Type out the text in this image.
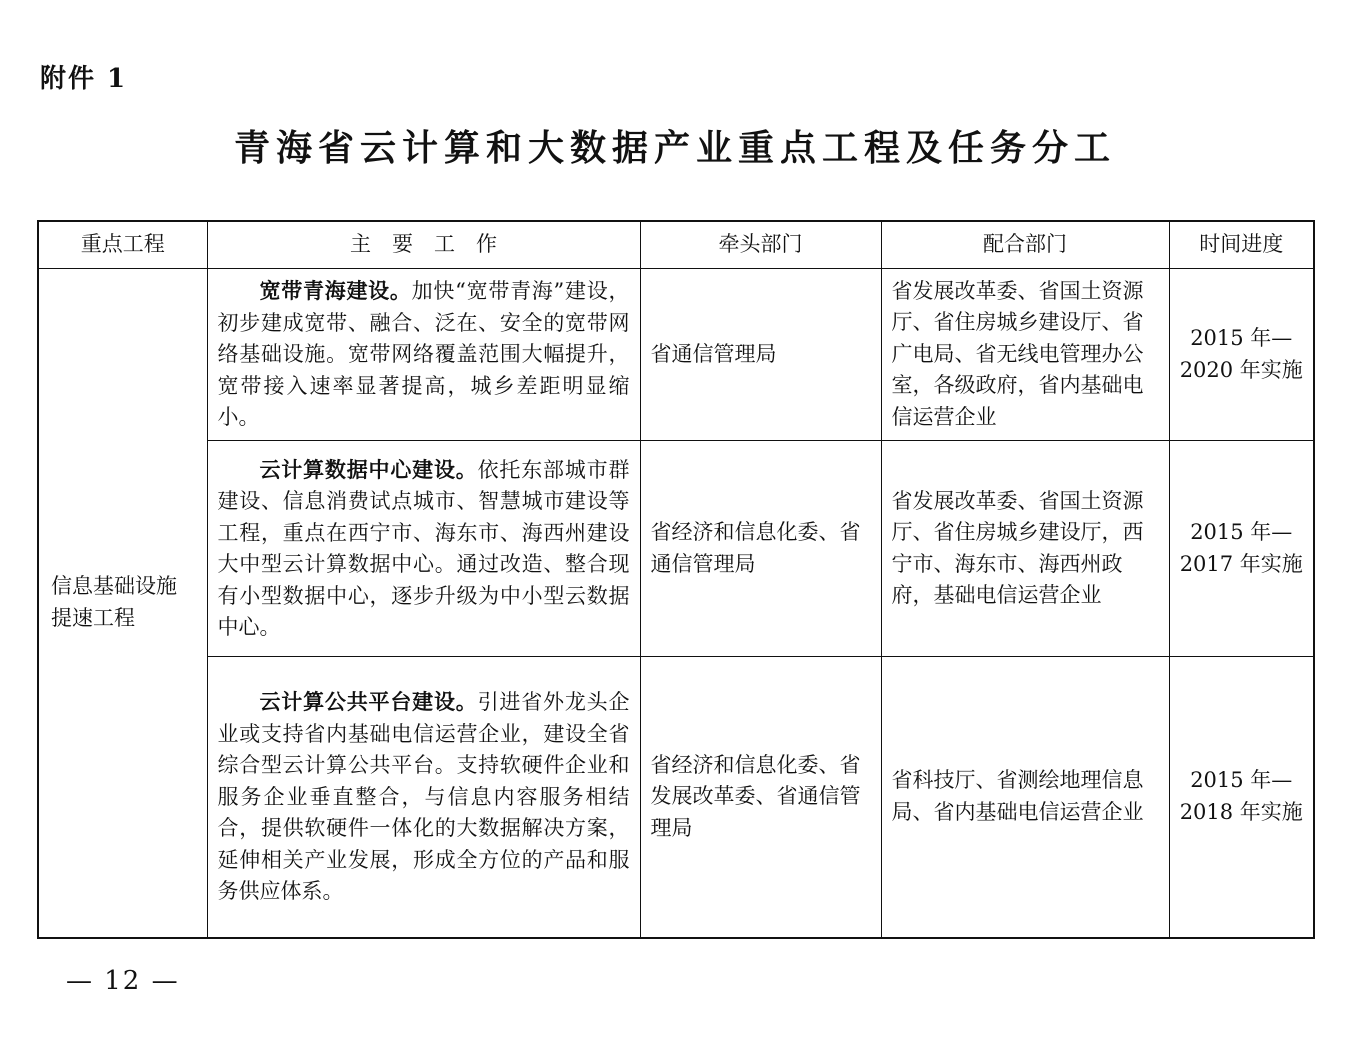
附件 1
青海省云计算和大数据产业重点工程及任务分工
重点工程	主　要　工　作	牵头部门	配合部门	时间进度
信息基础设施提速工程	宽带青海建设。加快“宽带青海”建设，初步建成宽带、融合、泛在、安全的宽带网络基础设施。宽带网络覆盖范围大幅提升，宽带接入速率显著提高，城乡差距明显缩小。	省通信管理局	省发展改革委、省国土资源厅、省住房城乡建设厅、省广电局、省无线电管理办公室，各级政府，省内基础电信运营企业	2015 年—2020 年实施
	云计算数据中心建设。依托东部城市群建设、信息消费试点城市、智慧城市建设等工程，重点在西宁市、海东市、海西州建设大中型云计算数据中心。通过改造、整合现有小型数据中心，逐步升级为中小型云数据中心。	省经济和信息化委、省通信管理局	省发展改革委、省国土资源厅、省住房城乡建设厅，西宁市、海东市、海西州政府，基础电信运营企业	2015 年—2017 年实施
	云计算公共平台建设。引进省外龙头企业或支持省内基础电信运营企业，建设全省综合型云计算公共平台。支持软硬件企业和服务企业垂直整合，与信息内容服务相结合，提供软硬件一体化的大数据解决方案，延伸相关产业发展，形成全方位的产品和服务供应体系。	省经济和信息化委、省发展改革委、省通信管理局	省科技厅、省测绘地理信息局、省内基础电信运营企业	2015 年—2018 年实施
— 12 —
